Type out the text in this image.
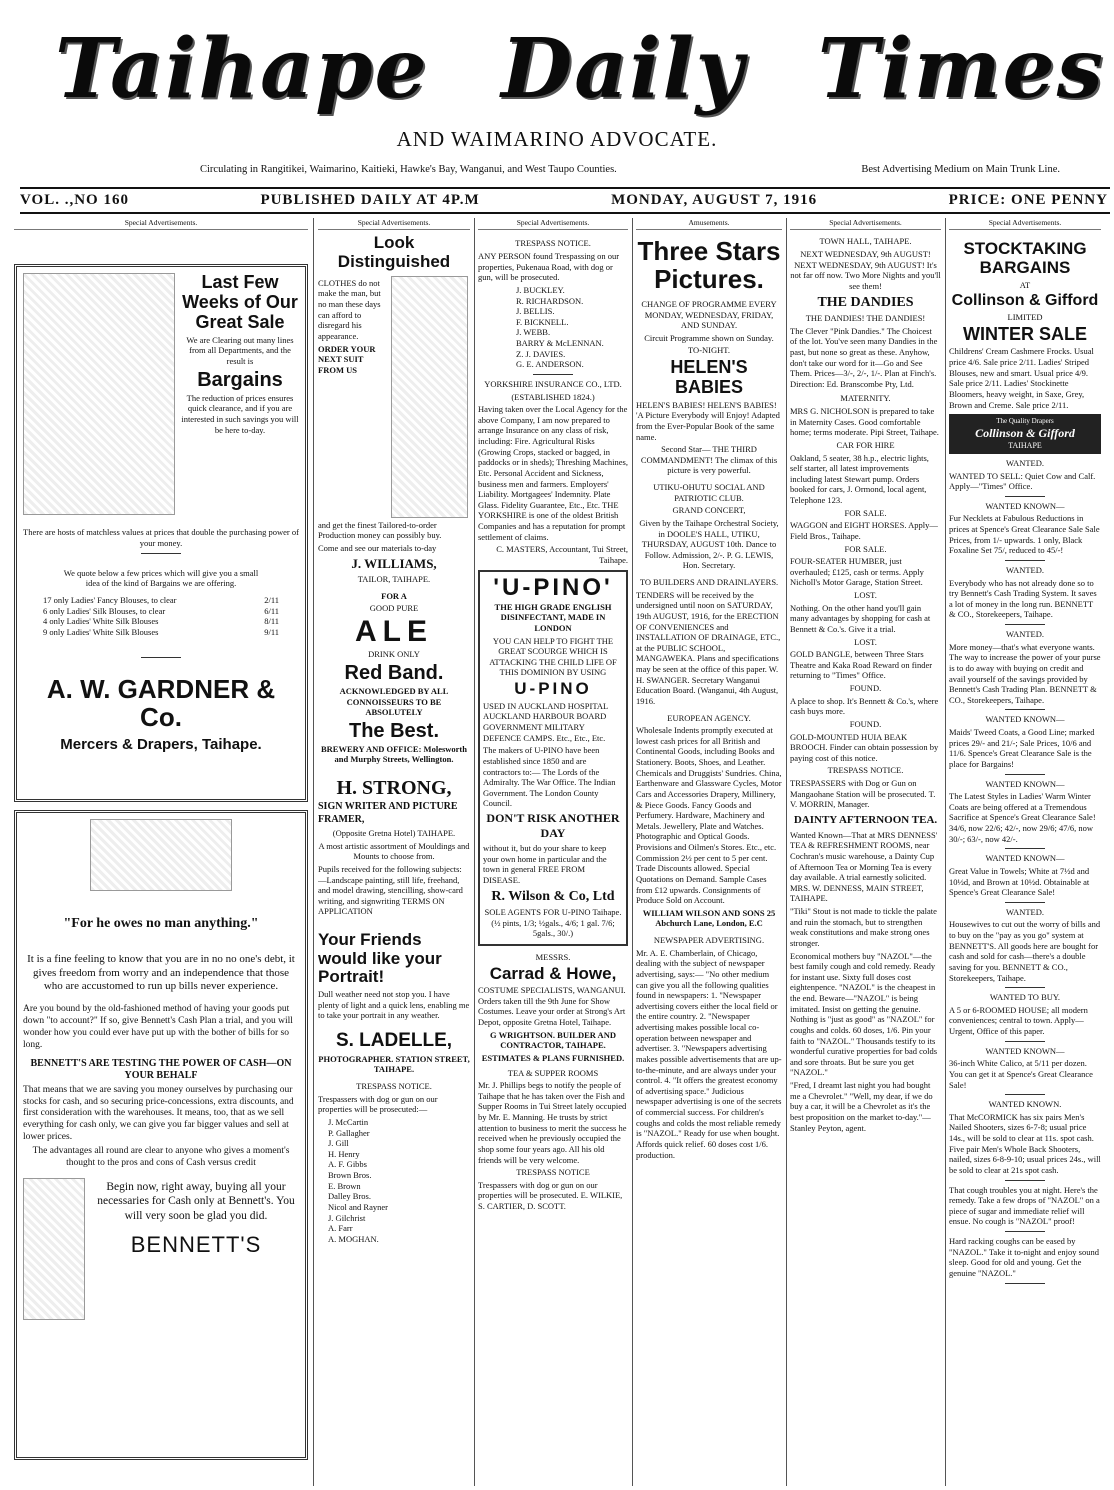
Taihape Daily Times
AND WAIMARINO ADVOCATE.
Circulating in Rangitikei, Waimarino, Kaitieki, Hawke's Bay, Wanganui, and West Taupo Counties.	Best Advertising Medium on Main Trunk Line.
VOL. .,NO 160	PUBLISHED DAILY AT 4P.M	MONDAY, AUGUST 7, 1916	PRICE: ONE PENNY
Special Advertisements.
Last Few Weeks of Our Great Sale

We are Clearing out many lines from all Departments, and the result is

Bargains

The reduction of prices ensures quick clearance, and if you are interested in such savings you will be here to-day.

There are hosts of matchless values at prices that double the purchasing power of your money.

We quote below a few prices which will give you a small idea of the kind of Bargains we are offering.

17 only Ladies' Fancy Blouses, to clear	2/11
6 only Ladies' Silk Blouses, to clear	6/11
4 only Ladies' White Silk Blouses	8/11
9 only Ladies' White Silk Blouses	9/11
A. W. GARDNER & Co.
Mercers & Drapers, Taihape.
"For he owes no man anything."

It is a fine feeling to know that you are in no no one's debt, it gives freedom from worry and an independence that those who are accustomed to run up bills never experience.

Are you bound by the old-fashioned method of having your goods put down "to account?" If so, give Bennett's Cash Plan a trial, and you will wonder how you could ever have put up with the bother of bills for so long.

BENNETT'S ARE TESTING THE POWER OF CASH—ON YOUR BEHALF

That means that we are saving you money ourselves by purchasing our stocks for cash, and so securing price-concessions, extra discounts, and first consideration with the warehouses. It means, too, that as we sell everything for cash only, we can give you far bigger values and sell at lower prices.

The advantages all round are clear to anyone who gives a moment's thought to the pros and cons of Cash versus credit

Begin now, right away, buying all your necessaries for Cash only at Bennett's. You will very soon be glad you did.

BENNETT'S
Special Advertisements.
Look Distinguished

CLOTHES do not make the man, but no man these days can afford to disregard his appearance.

ORDER YOUR NEXT SUIT FROM US

and get the finest Tailored-to-order Production money can possibly buy.

Come and see our materials to-day

J. WILLIAMS,

TAILOR, TAIHAPE.

FOR A

GOOD PURE

ALE

DRINK ONLY

Red Band.

ACKNOWLEDGED BY ALL CONNOISSEURS TO BE ABSOLUTELY

The Best.

BREWERY AND OFFICE: Molesworth and Murphy Streets, Wellington.

H. STRONG,

SIGN WRITER AND PICTURE FRAMER,

(Opposite Gretna Hotel) TAIHAPE.

A most artistic assortment of Mouldings and Mounts to choose from.

Pupils received for the following subjects:—Landscape painting, still life, freehand, and model drawing, stencilling, show-card writing, and signwriting TERMS ON APPLICATION

Your Friends would like your Portrait!

Dull weather need not stop you. I have plenty of light and a quick lens, enabling me to take your portrait in any weather.

S. LADELLE,

PHOTOGRAPHER. STATION STREET, TAIHAPE.

TRESPASS NOTICE.

Trespassers with dog or gun on our properties will be prosecuted:—

J. McCartin
P. Gallagher
J. Gill
H. Henry
A. F. Gibbs
Brown Bros.
E. Brown
Dalley Bros.
Nicol and Rayner
J. Gilchrist
A. Farr
A. MOGHAN.
Special Advertisements.

TRESPASS NOTICE.

ANY PERSON found Trespassing on our properties, Pukenaua Road, with dog or gun, will be prosecuted.

J. BUCKLEY.
R. RICHARDSON.
J. BELLIS.
F. BICKNELL.
J. WEBB.
BARRY & McLENNAN.
Z. J. DAVIES.
G. E. ANDERSON.

YORKSHIRE INSURANCE CO., LTD.

(ESTABLISHED 1824.)

Having taken over the Local Agency for the above Company, I am now prepared to arrange Insurance on any class of risk, including: Fire. Agricultural Risks (Growing Crops, stacked or bagged, in paddocks or in sheds); Threshing Machines, Etc. Personal Accident and Sickness, business men and farmers. Employers' Liability. Mortgagees' Indemnity. Plate Glass. Fidelity Guarantee, Etc., Etc. THE YORKSHIRE is one of the oldest British Companies and has a reputation for prompt settlement of claims.

C. MASTERS, Accountant, Tui Street, Taihape.

'U-PINO'

THE HIGH GRADE ENGLISH DISINFECTANT, MADE IN LONDON

YOU CAN HELP TO FIGHT THE GREAT SCOURGE WHICH IS ATTACKING THE CHILD LIFE OF THIS DOMINION BY USING

U-PINO

USED IN AUCKLAND HOSPITAL AUCKLAND HARBOUR BOARD GOVERNMENT MILITARY DEFENCE CAMPS. Etc., Etc., Etc.

The makers of U-PINO have been established since 1850 and are contractors to:— The Lords of the Admiralty. The War Office. The Indian Government. The London County Council.

DON'T RISK ANOTHER DAY

without it, but do your share to keep your own home in particular and the town in general FREE FROM DISEASE.

R. Wilson & Co, Ltd

SOLE AGENTS FOR U-PINO Taihape. (½ pints, 1/3; ½gals., 4/6; 1 gal. 7/6; 5gals., 30/.)

MESSRS.

Carrad & Howe,

COSTUME SPECIALISTS, WANGANUI. Orders taken till the 9th June for Show Costumes. Leave your order at Strong's Art Depot, opposite Gretna Hotel, Taihape.

G WRIGHTSON. BUILDER AND CONTRACTOR, TAIHAPE.

ESTIMATES & PLANS FURNISHED.

TEA & SUPPER ROOMS

Mr. J. Phillips begs to notify the people of Taihape that he has taken over the Fish and Supper Rooms in Tui Street lately occupied by Mr. E. Manning. He trusts by strict attention to business to merit the success he received when he previously occupied the shop some four years ago. All his old friends will be very welcome.

TRESPASS NOTICE

Trespassers with dog or gun on our properties will be prosecuted. E. WILKIE, S. CARTIER, D. SCOTT.

Amusements.
Three Stars Pictures.

CHANGE OF PROGRAMME EVERY MONDAY, WEDNESDAY, FRIDAY, AND SUNDAY.

Circuit Programme shown on Sunday.

TO-NIGHT.

HELEN'S BABIES

HELEN'S BABIES! HELEN'S BABIES! 'A Picture Everybody will Enjoy! Adapted from the Ever-Popular Book of the same name.

Second Star— THE THIRD COMMANDMENT! The climax of this picture is very powerful.

UTIKU-OHUTU SOCIAL AND PATRIOTIC CLUB.

GRAND CONCERT,

Given by the Taihape Orchestral Society, in DOOLE'S HALL, UTIKU, THURSDAY, AUGUST 10th. Dance to Follow. Admission, 2/-. P. G. LEWIS, Hon. Secretary.

TO BUILDERS AND DRAINLAYERS.

TENDERS will be received by the undersigned until noon on SATURDAY, 19th AUGUST, 1916, for the ERECTION OF CONVENIENCES and INSTALLATION OF DRAINAGE, ETC., at the PUBLIC SCHOOL, MANGAWEKA. Plans and specifications may be seen at the office of this paper. W. H. SWANGER. Secretary Wanganui Education Board. (Wanganui, 4th August, 1916.

EUROPEAN AGENCY.

Wholesale Indents promptly executed at lowest cash prices for all British and Continental Goods, including Books and Stationery. Boots, Shoes, and Leather. Chemicals and Druggists' Sundries. China, Earthenware and Glassware Cycles, Motor Cars and Accessories Drapery, Millinery, & Piece Goods. Fancy Goods and Perfumery. Hardware, Machinery and Metals. Jewellery, Plate and Watches. Photographic and Optical Goods. Provisions and Oilmen's Stores. Etc., etc. Commission 2½ per cent to 5 per cent. Trade Discounts allowed. Special Quotations on Demand. Sample Cases from £12 upwards. Consignments of Produce Sold on Account.

WILLIAM WILSON AND SONS 25 Abchurch Lane, London, E.C

NEWSPAPER ADVERTISING.

Mr. A. E. Chamberlain, of Chicago, dealing with the subject of newspaper advertising, says:— "No other medium can give you all the following qualities found in newspapers: 1. "Newspaper advertising covers either the local field or the entire country. 2. "Newspaper advertising makes possible local co-operation between newspaper and advertiser. 3. "Newspapers advertising makes possible advertisements that are up-to-the-minute, and are always under your control. 4. "It offers the greatest economy of advertising space." Judicious newspaper advertising is one of the secrets of commercial success. For children's coughs and colds the most reliable remedy is "NAZOL." Ready for use when bought. Affords quick relief. 60 doses cost 1/6. production.

Special Advertisements.

TOWN HALL, TAIHAPE.

NEXT WEDNESDAY, 9th AUGUST! NEXT WEDNESDAY, 9th AUGUST! It's not far off now. Two More Nights and you'll see them!

THE DANDIES

THE DANDIES! THE DANDIES!

The Clever "Pink Dandies." The Choicest of the lot. You've seen many Dandies in the past, but none so great as these. Anyhow, don't take our word for it—Go and See Them. Prices—3/-, 2/-, 1/-. Plan at Finch's. Direction: Ed. Branscombe Pty, Ltd.

MATERNITY.

MRS G. NICHOLSON is prepared to take in Maternity Cases. Good comfortable home; terms moderate. Pipi Street, Taihape.

CAR FOR HIRE

Oakland, 5 seater, 38 h.p., electric lights, self starter, all latest improvements including latest Stewart pump. Orders booked for cars, J. Ormond, local agent, Telephone 123.

FOR SALE.

WAGGON and EIGHT HORSES. Apply—Field Bros., Taihape.

FOR SALE.

FOUR-SEATER HUMBER, just overhauled; £125, cash or terms. Apply Nicholl's Motor Garage, Station Street.

LOST.

Nothing. On the other hand you'll gain many advantages by shopping for cash at Bennett & Co.'s. Give it a trial.

LOST.

GOLD BANGLE, between Three Stars Theatre and Kaka Road Reward on finder returning to "Times" Office.

FOUND.

A place to shop. It's Bennett & Co.'s, where cash buys more.

FOUND.

GOLD-MOUNTED HUIA BEAK BROOCH. Finder can obtain possession by paying cost of this notice.

TRESPASS NOTICE.

TRESPASSERS with Dog or Gun on Mangaohane Station will be prosecuted. T. V. MORRIN, Manager.

DAINTY AFTERNOON TEA.

Wanted Known—That at MRS DENNESS' TEA & REFRESHMENT ROOMS, near Cochran's music warehouse, a Dainty Cup of Afternoon Tea or Morning Tea is every day available. A trial earnestly solicited. MRS. W. DENNESS, MAIN STREET, TAIHAPE.

"Tiki" Stout is not made to tickle the palate and ruin the stomach, but to strengthen weak constitutions and make strong ones stronger.

Economical mothers buy "NAZOL"—the best family cough and cold remedy. Ready for instant use. Sixty full doses cost eightenpence. "NAZOL" is the cheapest in the end. Beware—"NAZOL" is being imitated. Insist on getting the genuine. Nothing is "just as good" as "NAZOL" for coughs and colds. 60 doses, 1/6. Pin your faith to "NAZOL." Thousands testify to its wonderful curative properties for bad colds and sore throats. But be sure you get "NAZOL."

"Fred, I dreamt last night you had bought me a Chevrolet." "Well, my dear, if we do buy a car, it will be a Chevrolet as it's the best proposition on the market to-day."—Stanley Peyton, agent.

Special Advertisements.
STOCKTAKING BARGAINS

AT

Collinson & Gifford

LIMITED

WINTER SALE

Childrens' Cream Cashmere Frocks. Usual price 4/6. Sale price 2/11. Ladies' Striped Blouses, new and smart. Usual price 4/9. Sale price 2/11. Ladies' Stockinette Bloomers, heavy weight, in Saxe, Grey, Brown and Creme. Sale price 2/11.

The Quality Drapers
Collinson & Gifford
TAIHAPE

WANTED.

WANTED TO SELL: Quiet Cow and Calf. Apply—"Times" Office.

WANTED KNOWN—

Fur Necklets at Fabulous Reductions in prices at Spence's Great Clearance Sale Sale Prices, from 1/- upwards. 1 only, Black Foxaline Set 75/, reduced to 45/-!

WANTED.

Everybody who has not already done so to try Bennett's Cash Trading System. It saves a lot of money in the long run. BENNETT & CO., Storekeepers, Taihape.

WANTED.

More money—that's what everyone wants. The way to increase the power of your purse is to do away with buying on credit and avail yourself of the savings provided by Bennett's Cash Trading Plan. BENNETT & CO., Storekeepers, Taihape.

WANTED KNOWN—

Maids' Tweed Coats, a Good Line; marked prices 29/- and 21/-; Sale Prices, 10/6 and 11/6. Spence's Great Clearance Sale is the place for Bargains!

WANTED KNOWN—

The Latest Styles in Ladies' Warm Winter Coats are being offered at a Tremendous Sacrifice at Spence's Great Clearance Sale! 34/6, now 22/6; 42/-, now 29/6; 47/6, now 30/-; 63/-, now 42/-.

WANTED KNOWN—

Great Value in Towels; White at 7½d and 10½d, and Brown at 10½d. Obtainable at Spence's Great Clearance Sale!

WANTED.

Housewives to cut out the worry of bills and to buy on the "pay as you go" system at BENNETT'S. All goods here are bought for cash and sold for cash—there's a double saving for you. BENNETT & CO., Storekeepers, Taihape.

WANTED TO BUY.

A 5 or 6-ROOMED HOUSE; all modern conveniences; central to town. Apply—Urgent, Office of this paper.

WANTED KNOWN—

36-inch White Calico, at 5/11 per dozen. You can get it at Spence's Great Clearance Sale!

WANTED KNOWN.

That McCORMICK has six pairs Men's Nailed Shooters, sizes 6-7-8; usual price 14s., will be sold to clear at 11s. spot cash. Five pair Men's Whole Back Shooters, nailed, sizes 6-8-9-10; usual prices 24s., will be sold to clear at 21s spot cash.

That cough troubles you at night. Here's the remedy. Take a few drops of "NAZOL" on a piece of sugar and immediate relief will ensue. No cough is "NAZOL" proof!

Hard racking coughs can be eased by "NAZOL." Take it to-night and enjoy sound sleep. Good for old and young. Get the genuine "NAZOL."
